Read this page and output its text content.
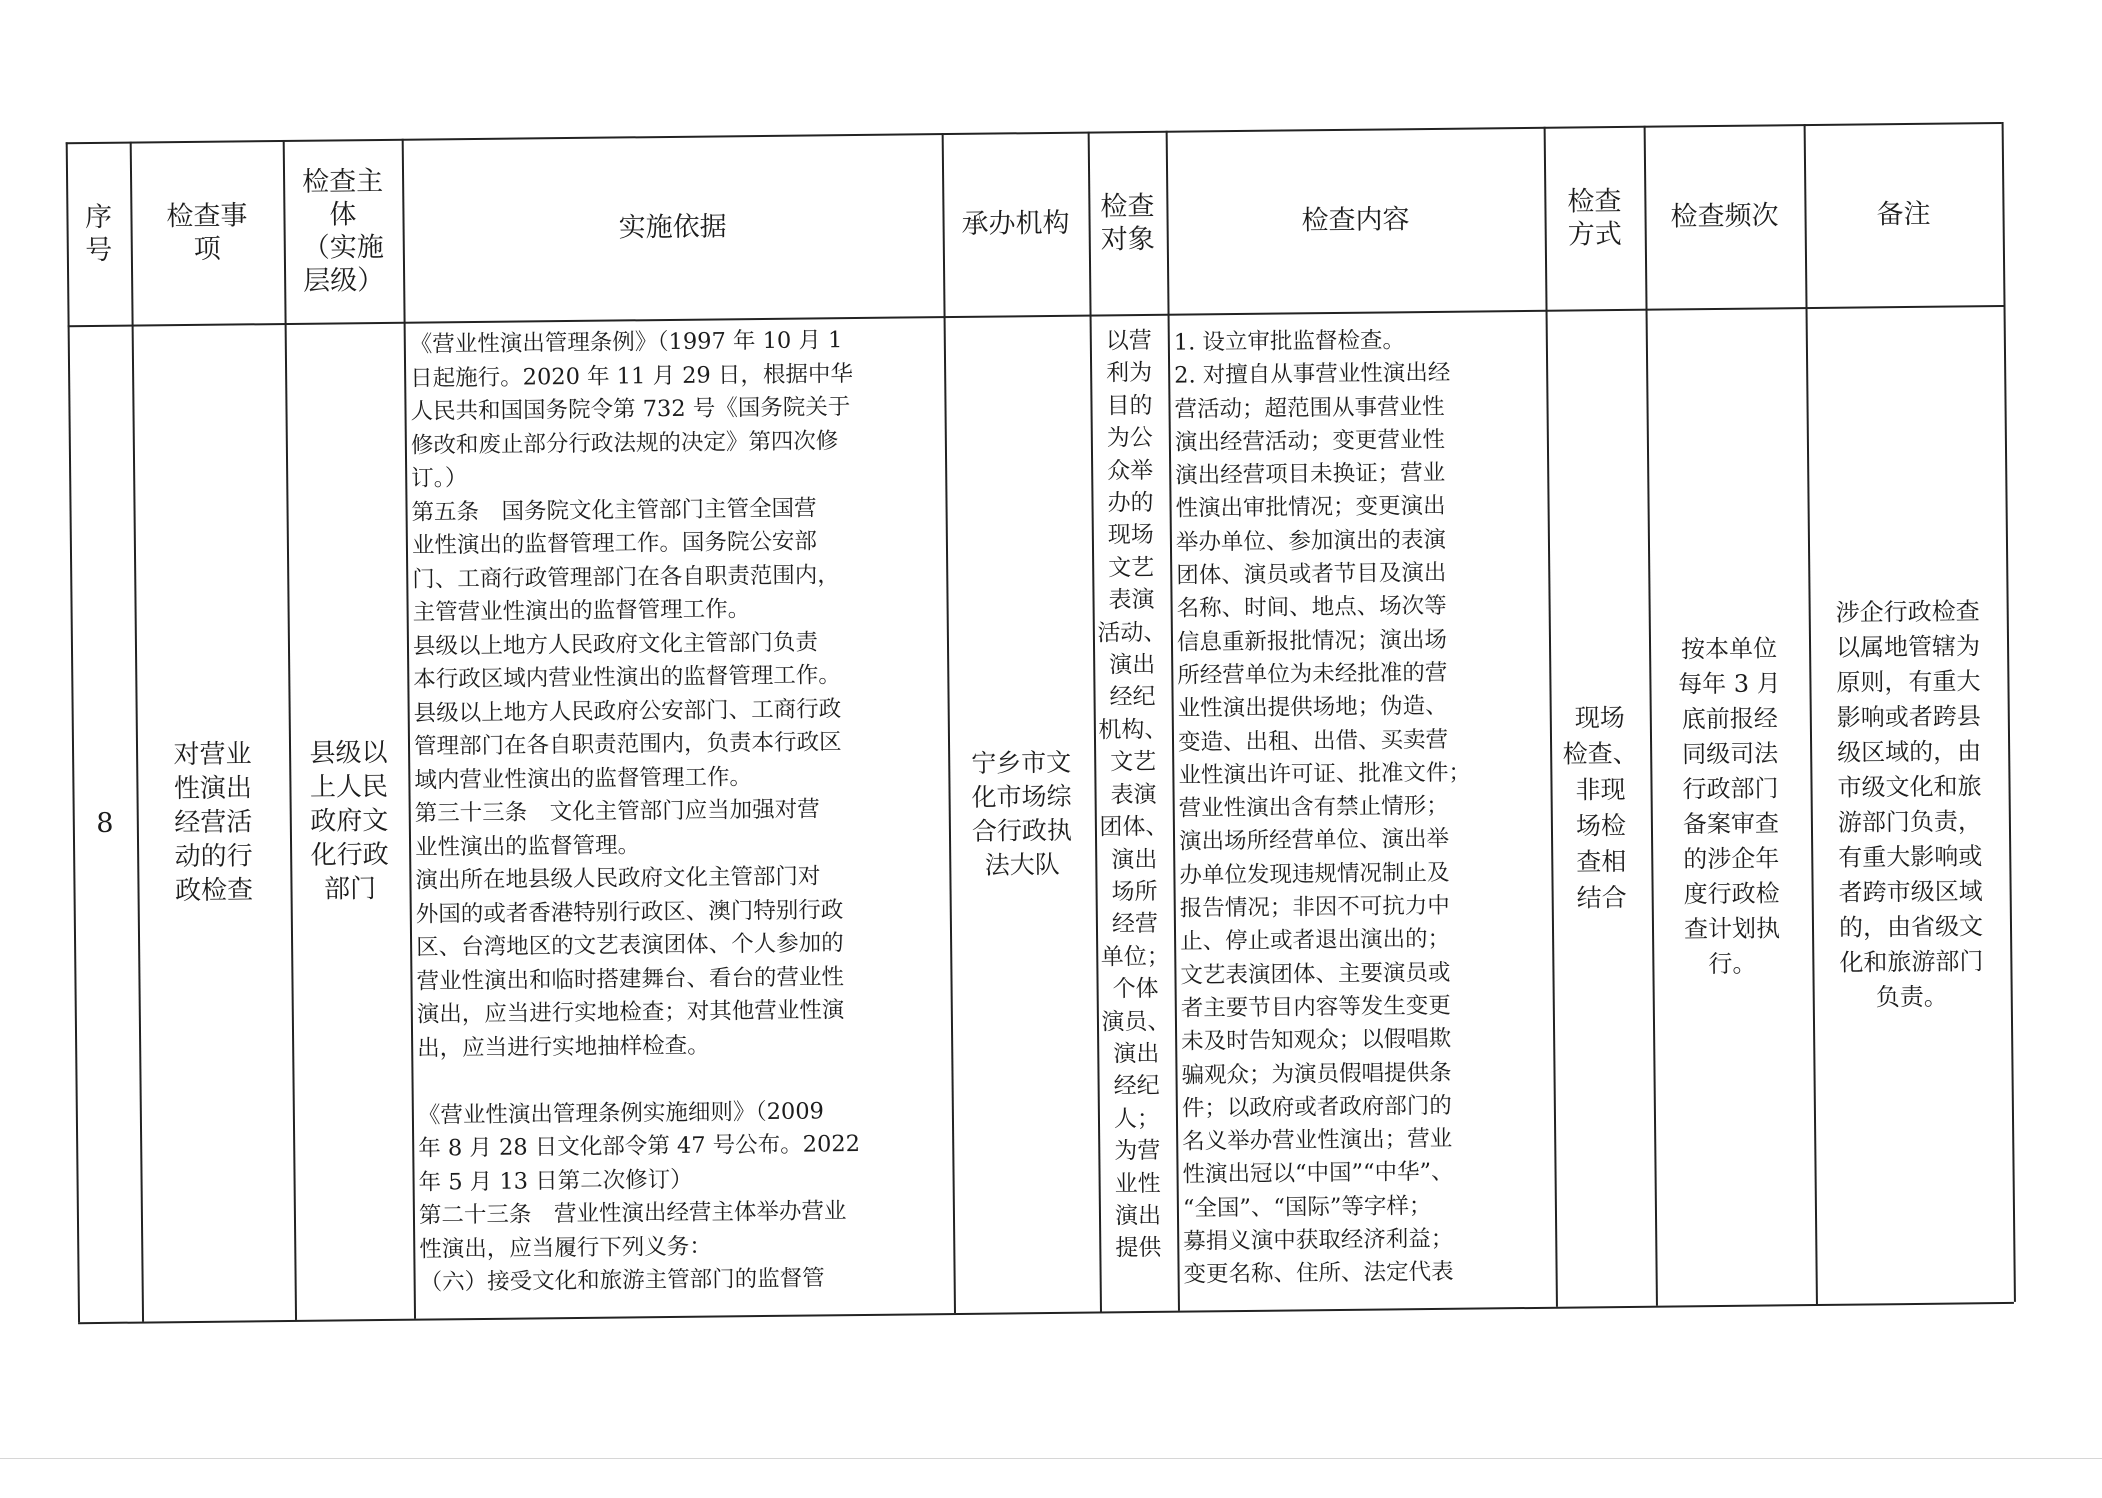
序
号
检查事
项
检查主
体
（实施
层级）
实施依据	承办机构
检查
对象
检查内容
检查
方式
检查频次	备注
8
对营业
性演出
经营活
动的行
政检查
县级以
上人民
政府文
化行政
部门
《营业性演出管理条例》（1997 年 10 月 1
日起施行。2020 年 11 月 29 日，根据中华
人民共和国国务院令第 732 号《国务院关于
修改和废止部分行政法规的决定》第四次修
订。）
第五条　国务院文化主管部门主管全国营
业性演出的监督管理工作。国务院公安部
门、工商行政管理部门在各自职责范围内，
主管营业性演出的监督管理工作。
县级以上地方人民政府文化主管部门负责
本行政区域内营业性演出的监督管理工作。
县级以上地方人民政府公安部门、工商行政
管理部门在各自职责范围内，负责本行政区
域内营业性演出的监督管理工作。
第三十三条　文化主管部门应当加强对营
业性演出的监督管理。
演出所在地县级人民政府文化主管部门对
外国的或者香港特别行政区、澳门特别行政
区、台湾地区的文艺表演团体、个人参加的
营业性演出和临时搭建舞台、看台的营业性
演出，应当进行实地检查；对其他营业性演
出，应当进行实地抽样检查。

《营业性演出管理条例实施细则》（2009
年 8 月 28 日文化部令第 47 号公布。2022
年 5 月 13 日第二次修订）
第二十三条　营业性演出经营主体举办营业
性演出，应当履行下列义务：
（六）接受文化和旅游主管部门的监督管
宁乡市文
化市场综
合行政执
法大队
以营
利为
目的
为公
众举
办的
现场
文艺
表演
活动、
演出
经纪
机构、
文艺
表演
团体、
演出
场所
经营
单位；
个体
演员、
演出
经纪
人；
为营
业性
演出
提供
1. 设立审批监督检查。
2. 对擅自从事营业性演出经
营活动；超范围从事营业性
演出经营活动；变更营业性
演出经营项目未换证；营业
性演出审批情况；变更演出
举办单位、参加演出的表演
团体、演员或者节目及演出
名称、时间、地点、场次等
信息重新报批情况；演出场
所经营单位为未经批准的营
业性演出提供场地；伪造、
变造、出租、出借、买卖营
业性演出许可证、批准文件；
营业性演出含有禁止情形；
演出场所经营单位、演出举
办单位发现违规情况制止及
报告情况；非因不可抗力中
止、停止或者退出演出的；
文艺表演团体、主要演员或
者主要节目内容等发生变更
未及时告知观众；以假唱欺
骗观众；为演员假唱提供条
件；以政府或者政府部门的
名义举办营业性演出；营业
性演出冠以“中国”“中华”、
“全国”、“国际”等字样；
募捐义演中获取经济利益；
变更名称、住所、法定代表
现场
检查、
非现
场检
查相
结合
按本单位
每年 3 月
底前报经
同级司法
行政部门
备案审查
的涉企年
度行政检
查计划执
行。
涉企行政检查
以属地管辖为
原则，有重大
影响或者跨县
级区域的，由
市级文化和旅
游部门负责，
有重大影响或
者跨市级区域
的，由省级文
化和旅游部门
负责。
